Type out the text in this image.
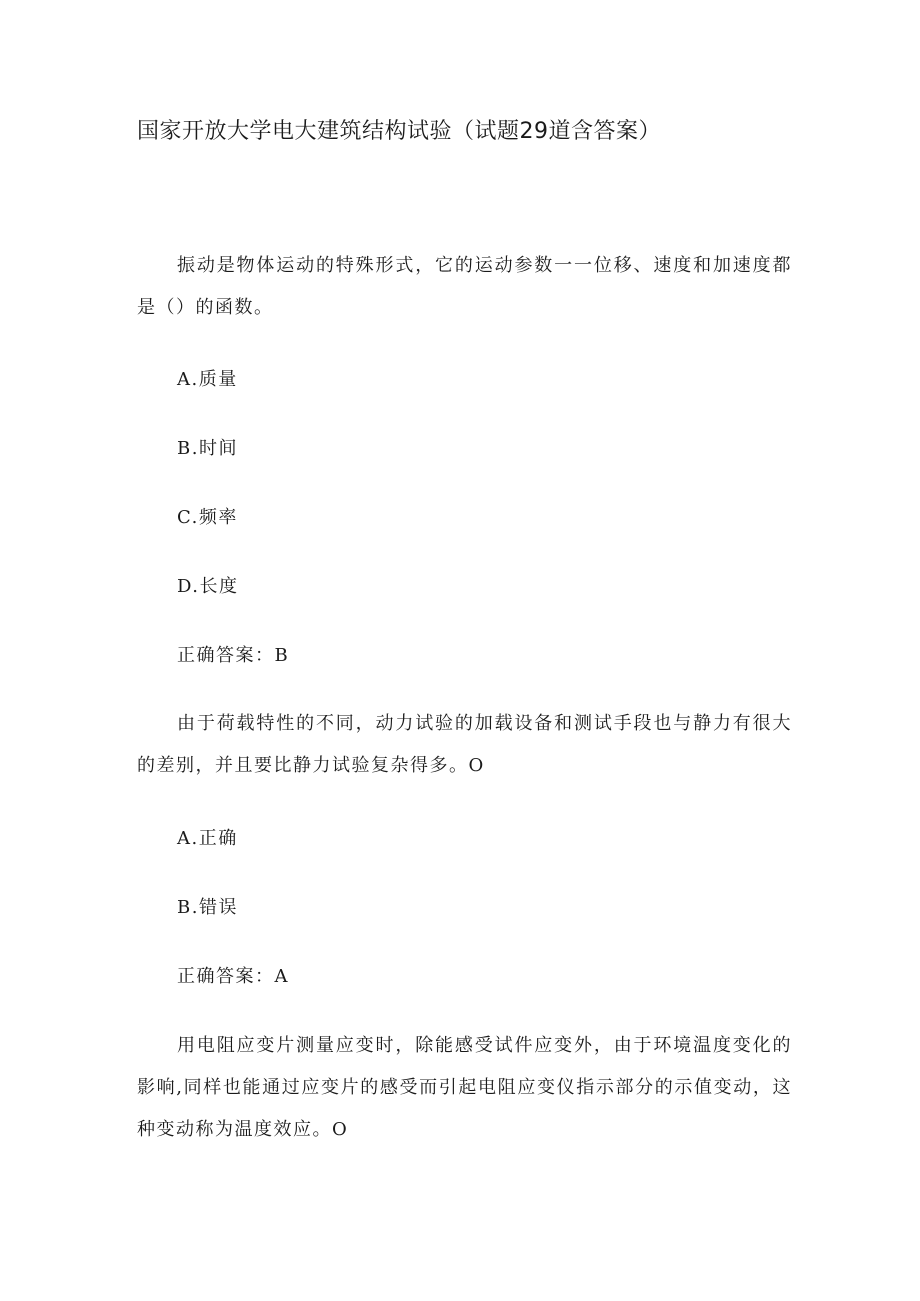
国家开放大学电大建筑结构试验（试题29道含答案）

振动是物体运动的特殊形式，它的运动参数一一位移、速度和加速度都是（）的函数。

A.质量

B.时间

C.频率

D.长度

正确答案：B

由于荷载特性的不同，动力试验的加载设备和测试手段也与静力有很大的差别，并且要比静力试验复杂得多。O

A.正确

B.错误

正确答案：A

用电阻应变片测量应变时，除能感受试件应变外，由于环境温度变化的影响,同样也能通过应变片的感受而引起电阻应变仪指示部分的示值变动，这种变动称为温度效应。O
